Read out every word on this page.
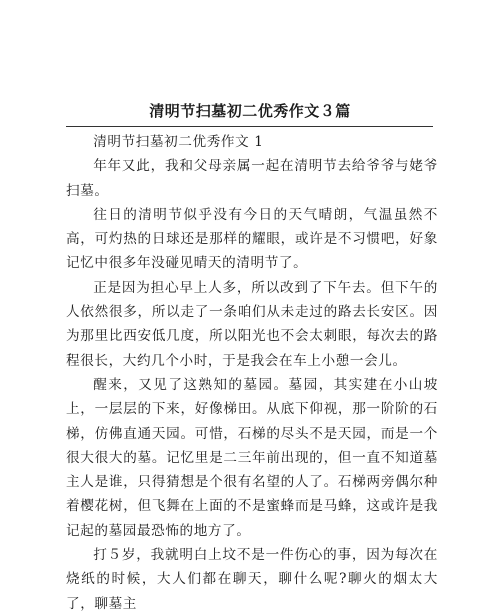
清明节扫墓初二优秀作文３篇

清明节扫墓初二优秀作文 1

年年又此，我和父母亲属一起在清明节去给爷爷与姥爷扫墓。

往日的清明节似乎没有今日的天气晴朗，气温虽然不高，可灼热的日球还是那样的耀眼，或许是不习惯吧，好象记忆中很多年没碰见晴天的清明节了。

正是因为担心早上人多，所以改到了下午去。但下午的人依然很多，所以走了一条咱们从未走过的路去长安区。因为那里比西安低几度，所以阳光也不会太刺眼，每次去的路程很长，大约几个小时，于是我会在车上小憩一会儿。

醒来，又见了这熟知的墓园。墓园，其实建在小山坡上，一层层的下来，好像梯田。从底下仰视，那一阶阶的石梯，仿佛直通天园。可惜，石梯的尽头不是天园，而是一个很大很大的墓。记忆里是二三年前出现的，但一直不知道墓主人是谁，只得猜想是个很有名望的人了。石梯两旁偶尔种着樱花树，但飞舞在上面的不是蜜蜂而是马蜂，这或许是我记起的墓园最恐怖的地方了。

打５岁，我就明白上坟不是一件伤心的事，因为每次在烧纸的时候，大人们都在聊天，聊什么呢?聊火的烟太大了，聊墓主
